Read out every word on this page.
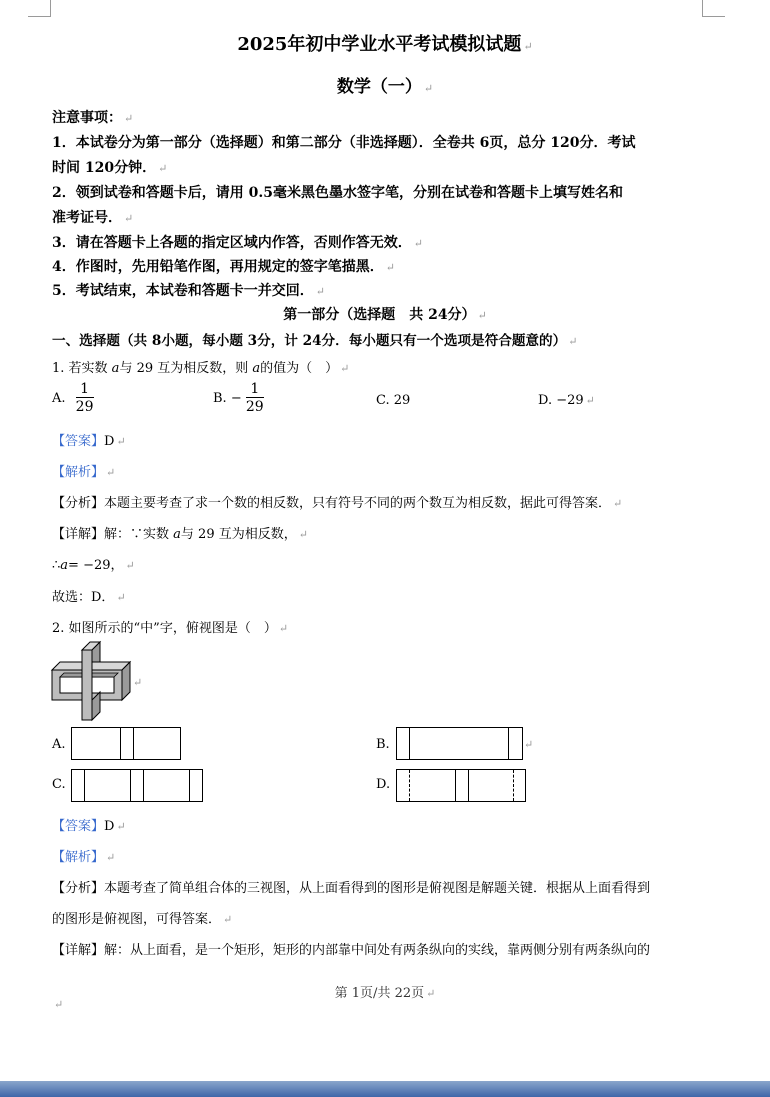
2025年初中学业水平考试模拟试题 ↵
数学（一） ↵
注意事项： ↵
1．本试卷分为第一部分（选择题）和第二部分（非选择题）．全卷共 6页，总分 120分．考试
时间 120分钟． ↵
2．领到试卷和答题卡后，请用 0.5毫米黑色墨水签字笔，分别在试卷和答题卡上填写姓名和
准考证号． ↵
3．请在答题卡上各题的指定区域内作答，否则作答无效． ↵
4．作图时，先用铅笔作图，再用规定的签字笔描黑． ↵
5．考试结束，本试卷和答题卡一并交回． ↵
第一部分（选择题　共 24分） ↵
一、选择题（共 8小题，每小题 3分，计 24分．每小题只有一个选项是符合题意的） ↵
1. 若实数 a与 29 互为相反数，则 a的值为（　） ↵
A. $\frac{1}{29}$	B. − $\frac{1}{29}$	C. 29	D. −29 ↵
【答案】D ↵
【解析】 ↵
【分析】本题主要考查了求一个数的相反数，只有符号不同的两个数互为相反数，据此可得答案． ↵
【详解】解：∵实数 a与 29 互为相反数， ↵
∴a= −29， ↵
故选：D． ↵
2. 如图所示的“中”字，俯视图是（　） ↵
↵
A.	B.	↵
C.	D.
【答案】D ↵
【解析】 ↵
【分析】本题考查了简单组合体的三视图，从上面看得到的图形是俯视图是解题关键．根据从上面看得到
的图形是俯视图，可得答案． ↵
【详解】解：从上面看，是一个矩形，矩形的内部靠中间处有两条纵向的实线，靠两侧分别有两条纵向的
第 1页/共 22页 ↵
↵
